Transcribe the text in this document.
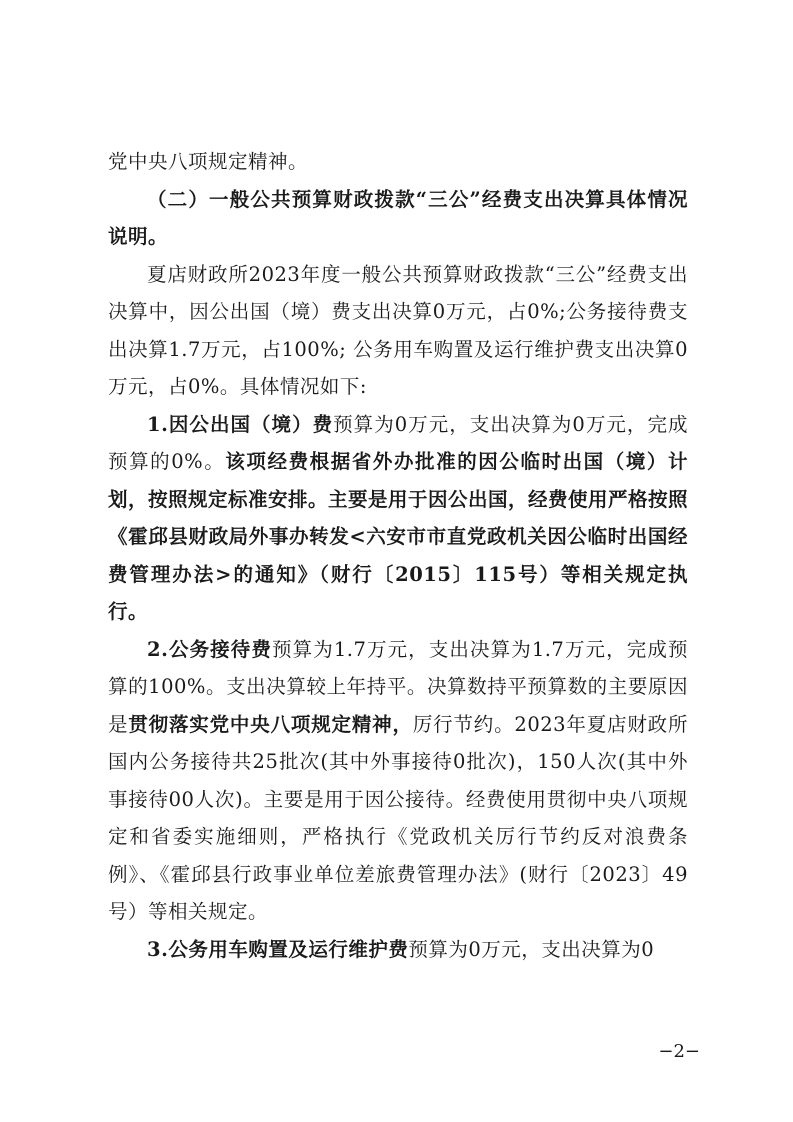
党中央八项规定精神。

（二）一般公共预算财政拨款“三公”经费支出决算具体情况说明。

夏店财政所2023年度一般公共预算财政拨款“三公”经费支出决算中，因公出国（境）费支出决算0万元，占0%;公务接待费支出决算1.7万元，占100%; 公务用车购置及运行维护费支出决算0万元，占0%。具体情况如下:

1.因公出国（境）费预算为0万元，支出决算为0万元，完成预算的0%。该项经费根据省外办批准的因公临时出国（境）计划，按照规定标准安排。主要是用于因公出国，经费使用严格按照《霍邱县财政局外事办转发<六安市市直党政机关因公临时出国经费管理办法>的通知》（财行〔2015〕115号）等相关规定执行。

2.公务接待费预算为1.7万元，支出决算为1.7万元，完成预算的100%。支出决算较上年持平。决算数持平预算数的主要原因是贯彻落实党中央八项规定精神，厉行节约。2023年夏店财政所国内公务接待共25批次(其中外事接待0批次)，150人次(其中外事接待00人次)。主要是用于因公接待。经费使用贯彻中央八项规定和省委实施细则，严格执行《党政机关厉行节约反对浪费条例》、《霍邱县行政事业单位差旅费管理办法》(财行〔2023〕49号）等相关规定。

3.公务用车购置及运行维护费预算为0万元，支出决算为0

−2−
